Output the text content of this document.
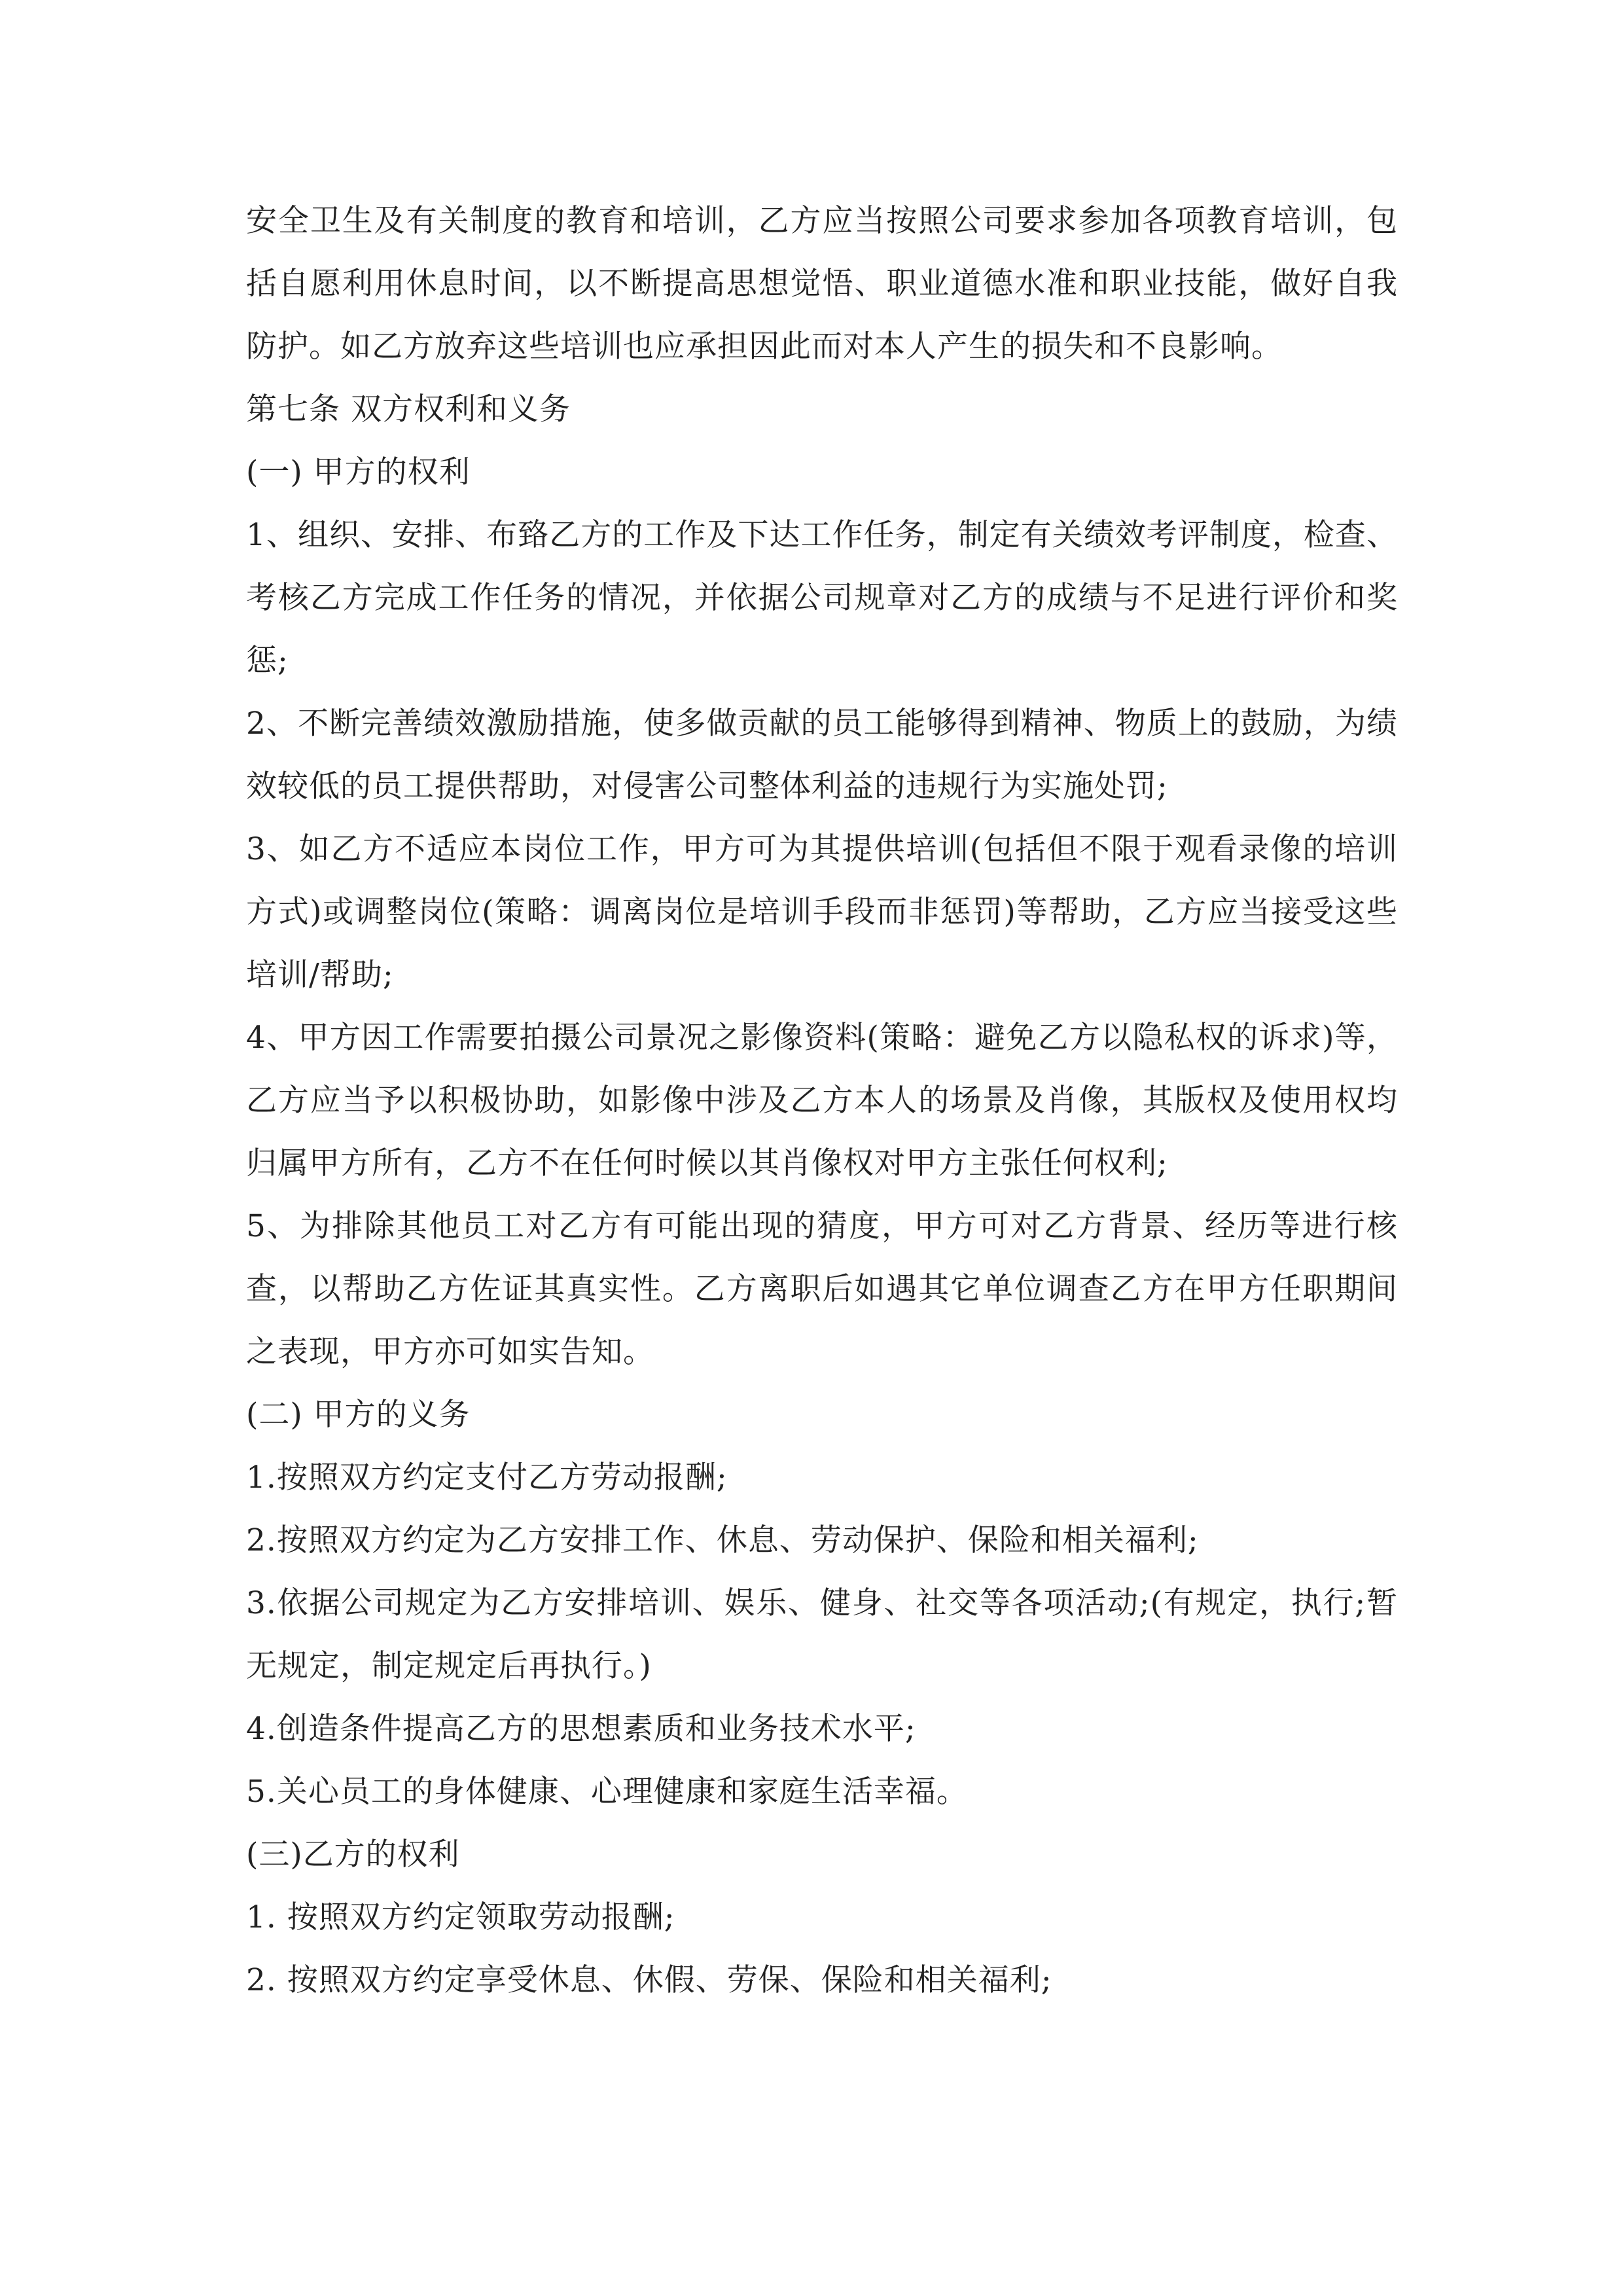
安全卫生及有关制度的教育和培训，乙方应当按照公司要求参加各项教育培训，包括自愿利用休息时间，以不断提高思想觉悟、职业道德水准和职业技能，做好自我防护。如乙方放弃这些培训也应承担因此而对本人产生的损失和不良影响。

第七条 双方权利和义务

(一) 甲方的权利

1、组织、安排、布臵乙方的工作及下达工作任务，制定有关绩效考评制度，检查、考核乙方完成工作任务的情况，并依据公司规章对乙方的成绩与不足进行评价和奖惩;

2、不断完善绩效激励措施，使多做贡献的员工能够得到精神、物质上的鼓励，为绩效较低的员工提供帮助，对侵害公司整体利益的违规行为实施处罚;

3、如乙方不适应本岗位工作，甲方可为其提供培训(包括但不限于观看录像的培训方式)或调整岗位(策略：调离岗位是培训手段而非惩罚)等帮助，乙方应当接受这些培训/帮助;

4、甲方因工作需要拍摄公司景况之影像资料(策略：避免乙方以隐私权的诉求)等，乙方应当予以积极协助，如影像中涉及乙方本人的场景及肖像，其版权及使用权均归属甲方所有，乙方不在任何时候以其肖像权对甲方主张任何权利;

5、为排除其他员工对乙方有可能出现的猜度，甲方可对乙方背景、经历等进行核查，以帮助乙方佐证其真实性。乙方离职后如遇其它单位调查乙方在甲方任职期间之表现，甲方亦可如实告知。

(二) 甲方的义务

1.按照双方约定支付乙方劳动报酬;

2.按照双方约定为乙方安排工作、休息、劳动保护、保险和相关福利;

3.依据公司规定为乙方安排培训、娱乐、健身、社交等各项活动;(有规定，执行;暂无规定，制定规定后再执行。)

4.创造条件提高乙方的思想素质和业务技术水平;

5.关心员工的身体健康、心理健康和家庭生活幸福。

(三)乙方的权利

1. 按照双方约定领取劳动报酬;

2. 按照双方约定享受休息、休假、劳保、保险和相关福利;
